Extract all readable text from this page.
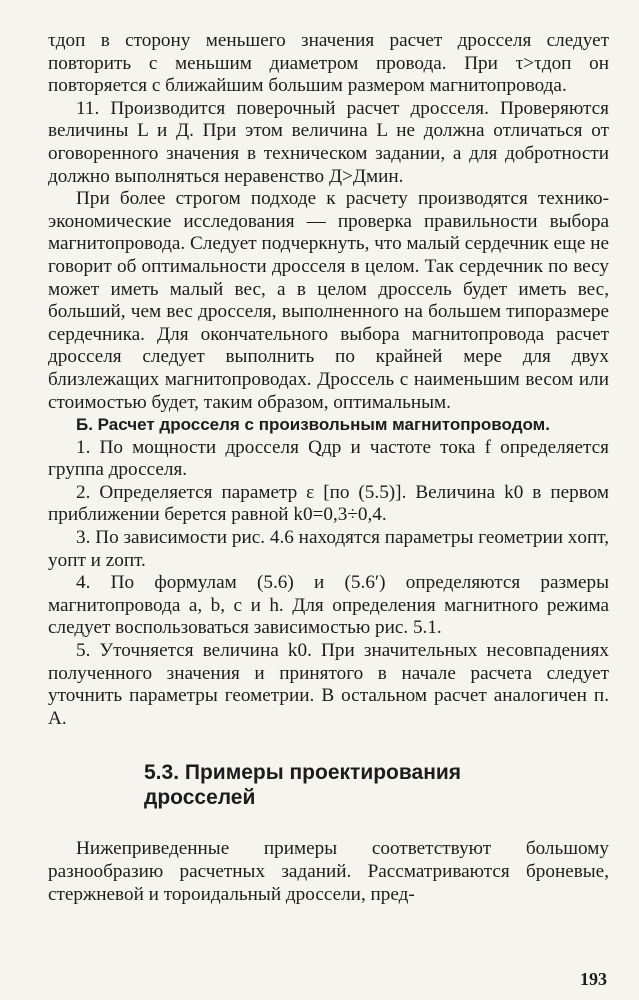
τдоп в сторону меньшего значения расчет дросселя следует повторить с меньшим диаметром провода. При τ>τдоп он повторяется с ближайшим большим размером магнитопровода.

11. Производится поверочный расчет дросселя. Проверяются величины L и Д. При этом величина L не должна отличаться от оговоренного значения в техническом задании, а для добротности должно выполняться неравенство Д>Дмин.

При более строгом подходе к расчету производятся технико-экономические исследования — проверка правильности выбора магнитопровода. Следует подчеркнуть, что малый сердечник еще не говорит об оптимальности дросселя в целом. Так сердечник по весу может иметь малый вес, а в целом дроссель будет иметь вес, больший, чем вес дросселя, выполненного на большем типоразмере сердечника. Для окончательного выбора магнитопровода расчет дросселя следует выполнить по крайней мере для двух близлежащих магнитопроводах. Дроссель с наименьшим весом или стоимостью будет, таким образом, оптимальным.

Б. Расчет дросселя с произвольным магнитопроводом.

1. По мощности дросселя Qдр и частоте тока f определяется группа дросселя.

2. Определяется параметр ε [по (5.5)]. Величина k0 в первом приближении берется равной k0=0,3÷0,4.

3. По зависимости рис. 4.6 находятся параметры геометрии xопт, yопт и zопт.

4. По формулам (5.6) и (5.6′) определяются размеры магнитопровода a, b, c и h. Для определения магнитного режима следует воспользоваться зависимостью рис. 5.1.

5. Уточняется величина k0. При значительных несовпадениях полученного значения и принятого в начале расчета следует уточнить параметры геометрии. В остальном расчет аналогичен п. А.

5.3. Примеры проектирования
дросселей

Нижеприведенные примеры соответствуют большому разнообразию расчетных заданий. Рассматриваются броневые, стержневой и тороидальный дроссели, пред-

193
